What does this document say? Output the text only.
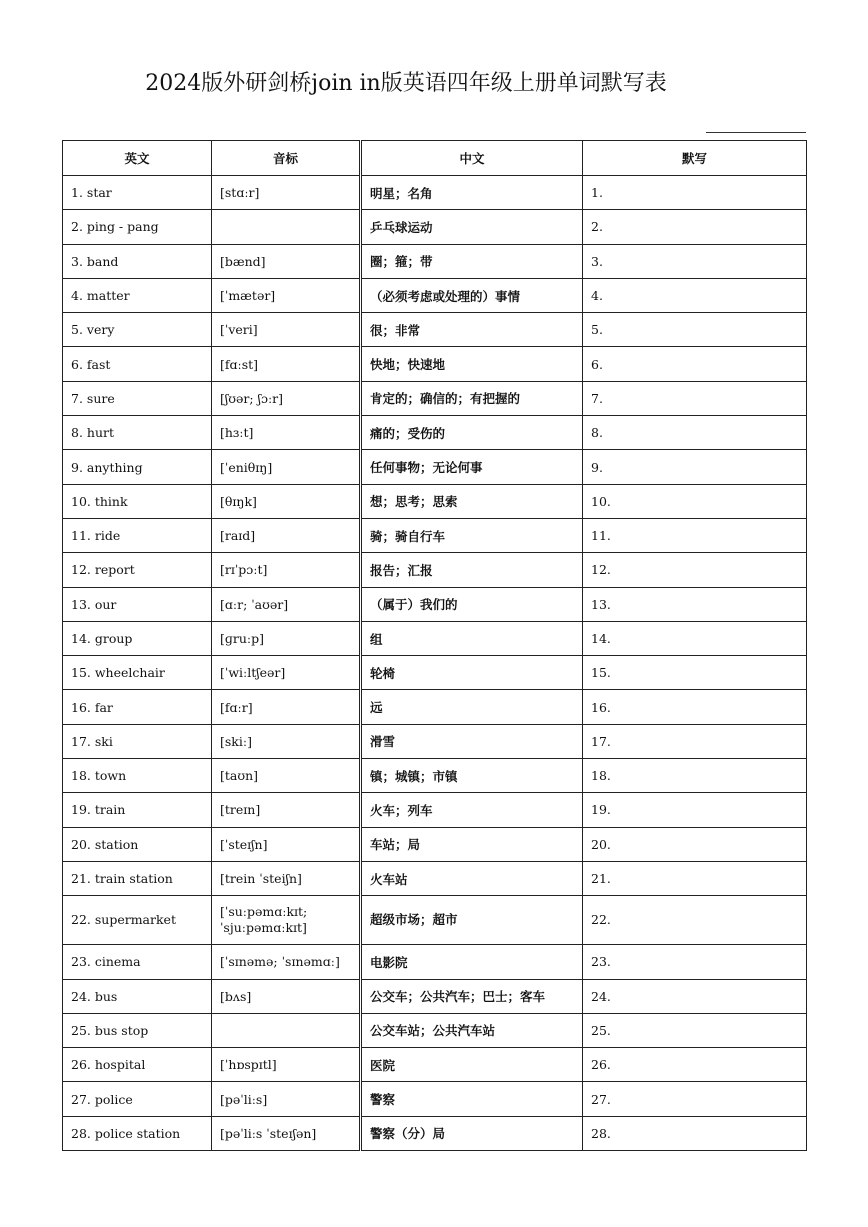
2024版外研剑桥join in版英语四年级上册单词默写表
英文	音标	中文	默写
1. star	[stɑːr]	明星；名角	1.
2. ping - pang		乒乓球运动	2.
3. band	[bænd]	圈；箍；带	3.
4. matter	[ˈmætər]	（必须考虑或处理的）事情	4.
5. very	[ˈveri]	很；非常	5.
6. fast	[fɑːst]	快地；快速地	6.
7. sure	[ʃʊər; ʃɔːr]	肯定的；确信的；有把握的	7.
8. hurt	[hɜːt]	痛的；受伤的	8.
9. anything	[ˈeniθɪŋ]	任何事物；无论何事	9.
10. think	[θɪŋk]	想；思考；思索	10.
11. ride	[raɪd]	骑；骑自行车	11.
12. report	[rɪˈpɔːt]	报告；汇报	12.
13. our	[ɑːr; ˈaʊər]	（属于）我们的	13.
14. group	[ɡruːp]	组	14.
15. wheelchair	[ˈwiːltʃeər]	轮椅	15.
16. far	[fɑːr]	远	16.
17. ski	[skiː]	滑雪	17.
18. town	[taʊn]	镇；城镇；市镇	18.
19. train	[treɪn]	火车；列车	19.
20. station	[ˈsteɪʃn]	车站；局	20.
21. train station	[trein ˈsteiʃn]	火车站	21.
22. supermarket	[ˈsuːpəmɑːkɪt; ˈsjuːpəmɑːkɪt]	超级市场；超市	22.
23. cinema	[ˈsɪnəmə; ˈsɪnəmɑː]	电影院	23.
24. bus	[bʌs]	公交车；公共汽车；巴士；客车	24.
25. bus stop		公交车站；公共汽车站	25.
26. hospital	[ˈhɒspɪtl]	医院	26.
27. police	[pəˈliːs]	警察	27.
28. police station	[pəˈliːs ˈsteɪʃən]	警察（分）局	28.
